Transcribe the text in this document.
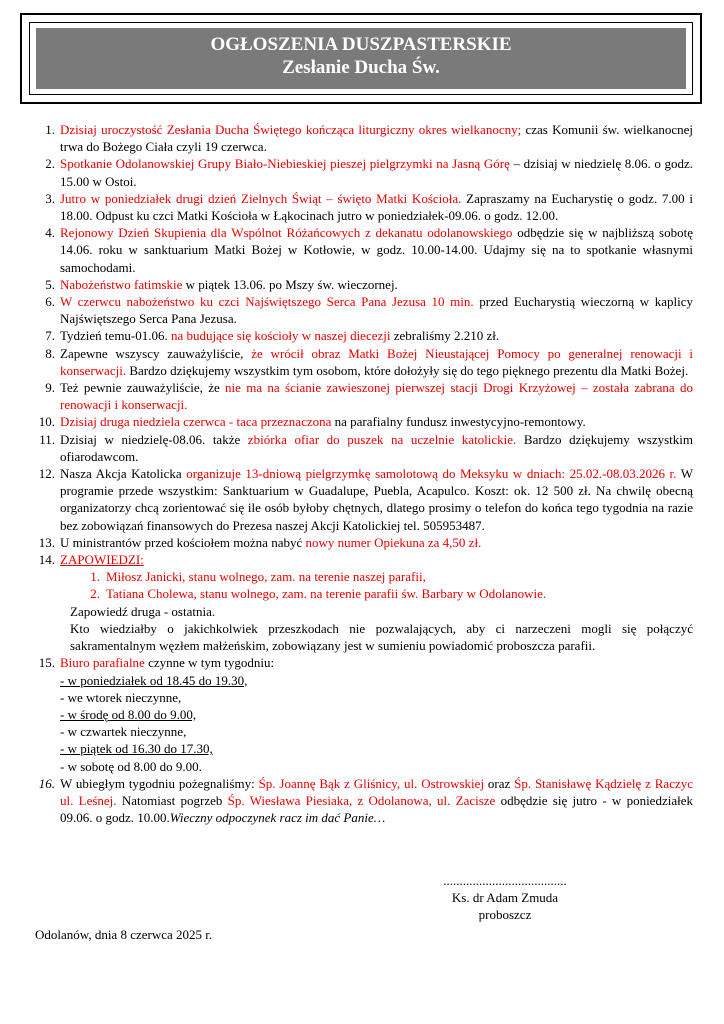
OGŁOSZENIA DUSZPASTERSKIE
Zesłanie Ducha Św.
1. Dzisiaj uroczystość Zesłania Ducha Świętego kończąca liturgiczny okres wielkanocny; czas Komunii św. wielkanocnej trwa do Bożego Ciała czyli 19 czerwca.
2. Spotkanie Odolanowskiej Grupy Biało-Niebieskiej pieszej pielgrzymki na Jasną Górę – dzisiaj w niedzielę 8.06. o godz. 15.00 w Ostoi.
3. Jutro w poniedziałek drugi dzień Zielnych Świąt – święto Matki Kościoła. Zapraszamy na Eucharystię o godz. 7.00 i 18.00. Odpust ku czci Matki Kościoła w Łąkocinach jutro w poniedziałek-09.06. o godz. 12.00.
4. Rejonowy Dzień Skupienia dla Wspólnot Różańcowych z dekanatu odolanowskiego odbędzie się w najbliższą sobotę 14.06. roku w sanktuarium Matki Bożej w Kotłowie, w godz. 10.00-14.00. Udajmy się na to spotkanie własnymi samochodami.
5. Nabożeństwo fatimskie w piątek 13.06. po Mszy św. wieczornej.
6. W czerwcu nabożeństwo ku czci Najświętszego Serca Pana Jezusa 10 min. przed Eucharystią wieczorną w kaplicy Najświętszego Serca Pana Jezusa.
7. Tydzień temu-01.06. na budujące się kościoły w naszej diecezji zebraliśmy 2.210 zł.
8. Zapewne wszyscy zauważyliście, że wrócił obraz Matki Bożej Nieustającej Pomocy po generalnej renowacji i konserwacji. Bardzo dziękujemy wszystkim tym osobom, które dołożyły się do tego pięknego prezentu dla Matki Bożej.
9. Też pewnie zauważyliście, że nie ma na ścianie zawieszonej pierwszej stacji Drogi Krzyżowej – została zabrana do renowacji i konserwacji.
10. Dzisiaj druga niedziela czerwca - taca przeznaczona na parafialny fundusz inwestycyjno-remontowy.
11. Dzisiaj w niedzielę-08.06. także zbiórka ofiar do puszek na uczelnie katolickie. Bardzo dziękujemy wszystkim ofiarodawcom.
12. Nasza Akcja Katolicka organizuje 13-dniową pielgrzymkę samolotową do Meksyku w dniach: 25.02.-08.03.2026 r. W programie przede wszystkim: Sanktuarium w Guadalupe, Puebla, Acapulco. Koszt: ok. 12 500 zł. Na chwilę obecną organizatorzy chcą zorientować się ile osób byłoby chętnych, dlatego prosimy o telefon do końca tego tygodnia na razie bez zobowiązań finansowych do Prezesa naszej Akcji Katolickiej tel. 505953487.
13. U ministrantów przed kościołem można nabyć nowy numer Opiekuna za 4,50 zł.
14. ZAPOWIEDZI:
1. Miłosz Janicki, stanu wolnego, zam. na terenie naszej parafii,
2. Tatiana Cholewa, stanu wolnego, zam. na terenie parafii św. Barbary w Odolanowie.
Zapowiedź druga - ostatnia.
Kto wiedziałby o jakichkolwiek przeszkodach nie pozwalających, aby ci narzeczeni mogli się połączyć sakramentalnym węzłem małżeńskim, zobowiązany jest w sumieniu powiadomić proboszcza parafii.
15. Biuro parafialne czynne w tym tygodniu:
- w poniedziałek od 18.45 do 19.30,
- we wtorek nieczynne,
- w środę od 8.00 do 9.00,
- w czwartek nieczynne,
- w piątek od 16.30 do 17.30,
- w sobotę od 8.00 do 9.00.
16. W ubiegłym tygodniu pożegnaliśmy: Śp. Joannę Bąk z Gliśnicy, ul. Ostrowskiej oraz Śp. Stanisławę Kądzielę z Raczyc ul. Leśnej. Natomiast pogrzeb Śp. Wiesława Piesiaka, z Odolanowa, ul. Zacisze odbędzie się jutro - w poniedziałek 09.06. o godz. 10.00.Wieczny odpoczynek racz im dać Panie…
......................................
Ks. dr Adam Zmuda
proboszcz
Odolanów, dnia 8 czerwca 2025 r.
